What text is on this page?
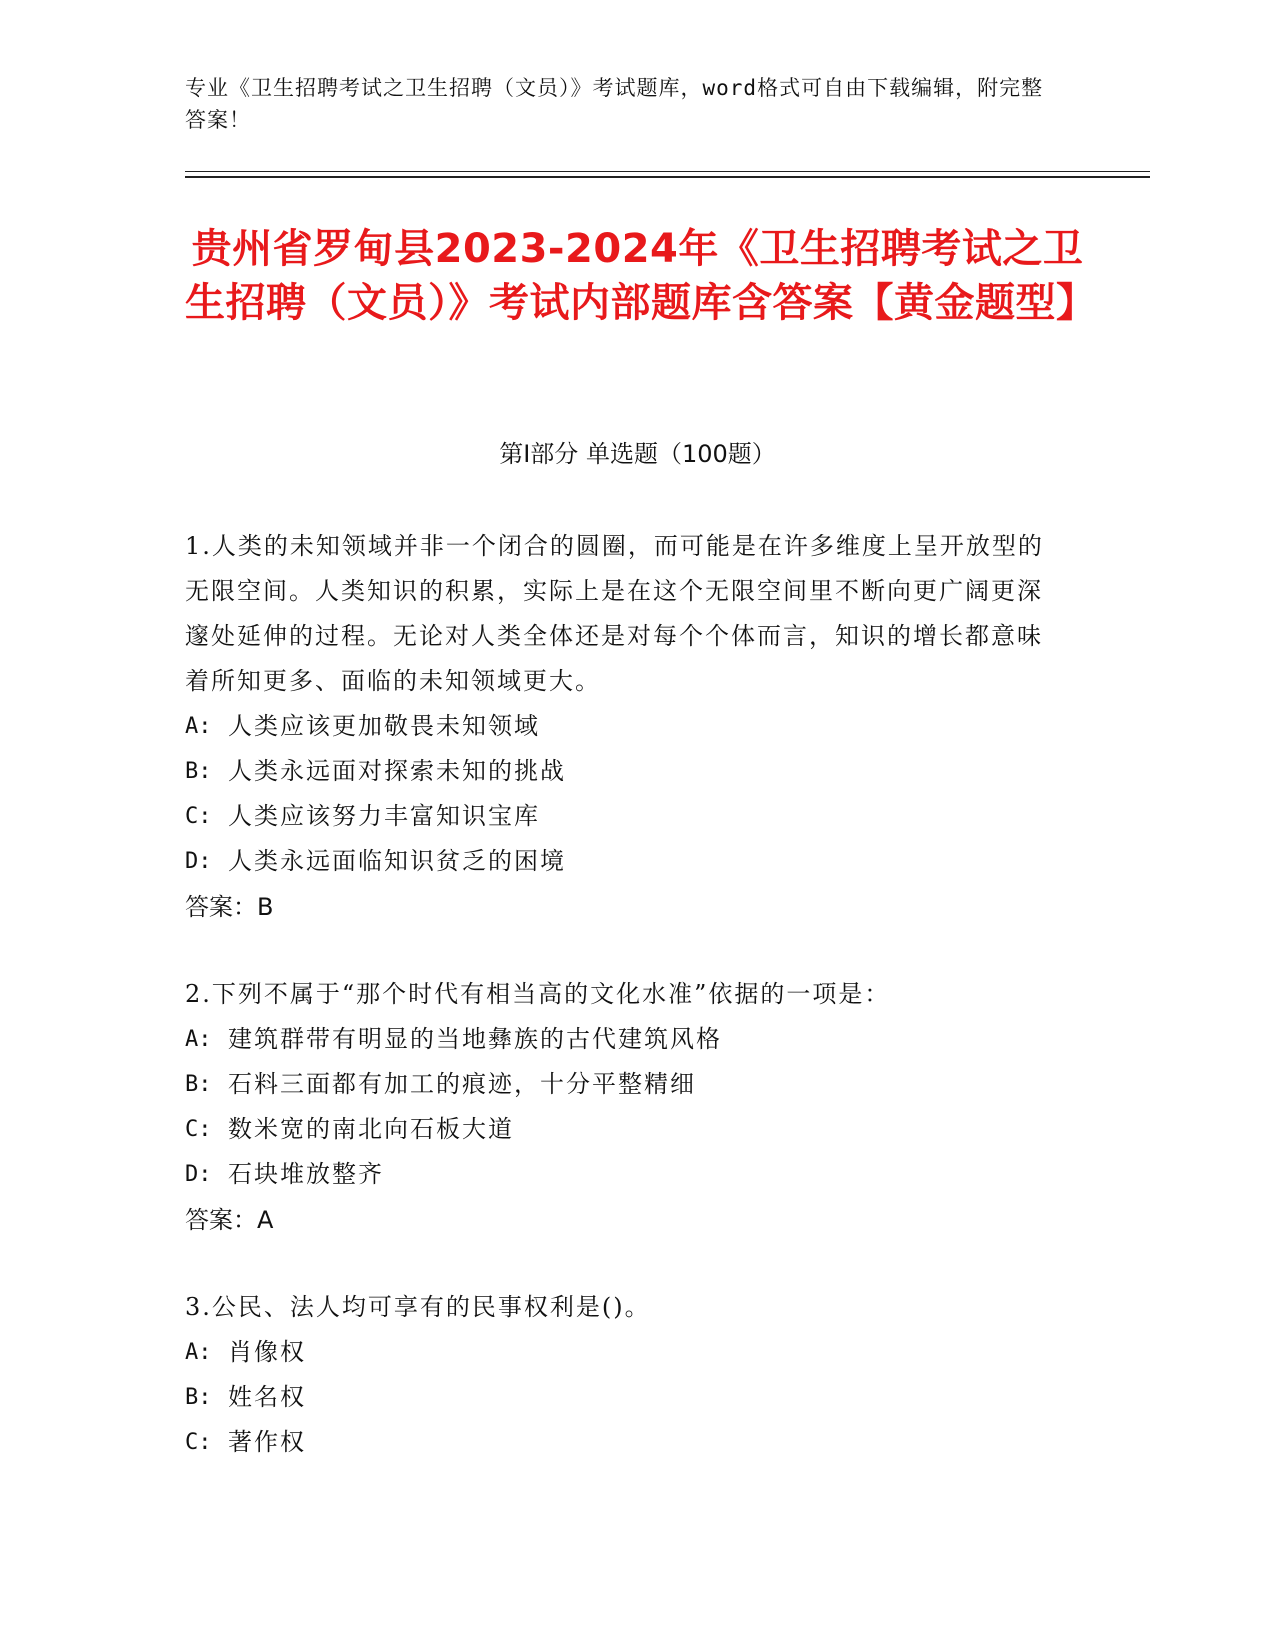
专业《卫生招聘考试之卫生招聘（文员）》考试题库，word格式可自由下载编辑，附完整答案！
贵州省罗甸县2023-2024年《卫生招聘考试之卫生招聘（文员）》考试内部题库含答案【黄金题型】
第Ⅰ部分 单选题（100题）
1.人类的未知领域并非一个闭合的圆圈，而可能是在许多维度上呈开放型的无限空间。人类知识的积累，实际上是在这个无限空间里不断向更广阔更深邃处延伸的过程。无论对人类全体还是对每个个体而言，知识的增长都意味着所知更多、面临的未知领域更大。
A: 人类应该更加敬畏未知领域
B: 人类永远面对探索未知的挑战
C: 人类应该努力丰富知识宝库
D: 人类永远面临知识贫乏的困境
答案：B
2.下列不属于“那个时代有相当高的文化水准”依据的一项是：
A: 建筑群带有明显的当地彝族的古代建筑风格
B: 石料三面都有加工的痕迹，十分平整精细
C: 数米宽的南北向石板大道
D: 石块堆放整齐
答案：A
3.公民、法人均可享有的民事权利是()。
A: 肖像权
B: 姓名权
C: 著作权
